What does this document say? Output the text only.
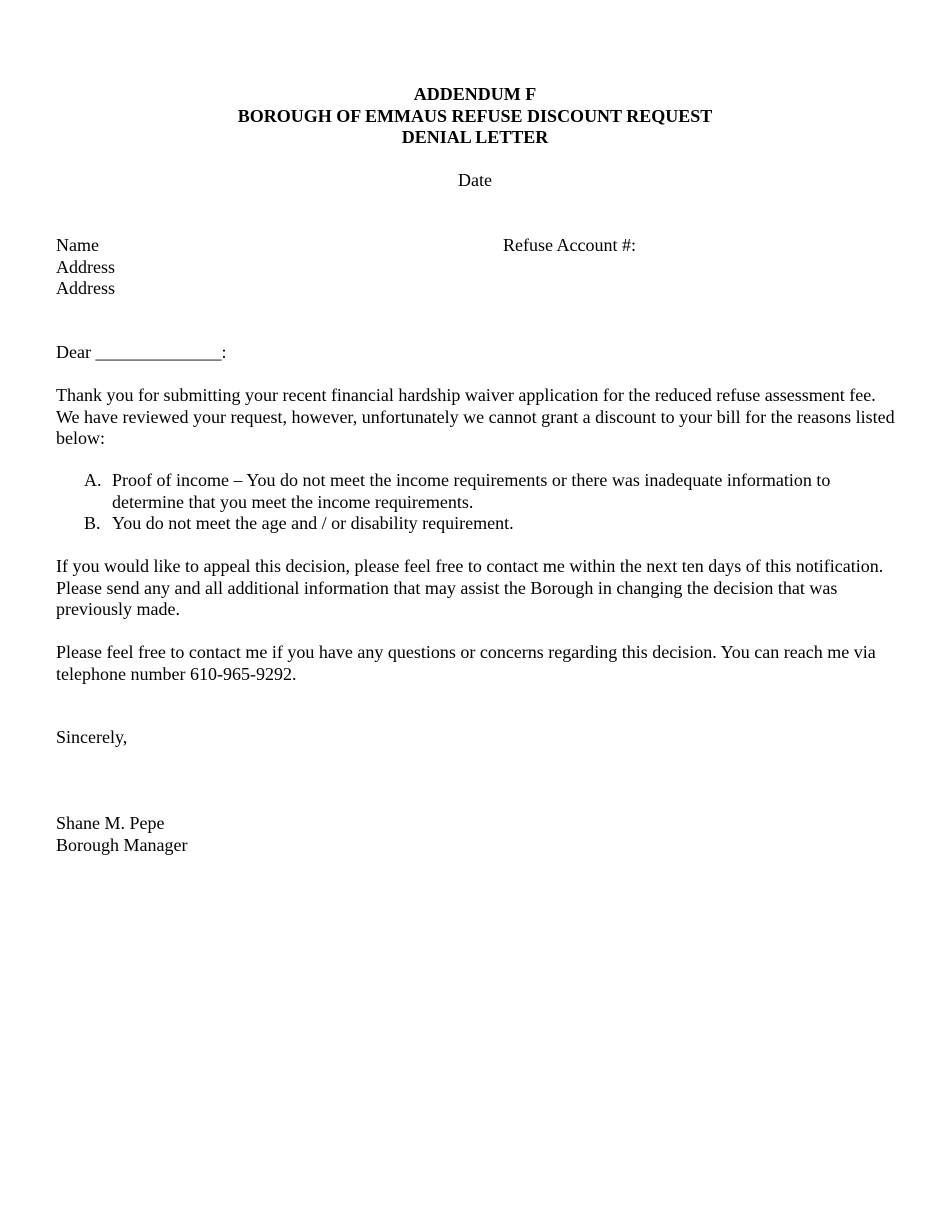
ADDENDUM F
BOROUGH OF EMMAUS REFUSE DISCOUNT REQUEST
DENIAL LETTER
Date
Name
Address
Address
Refuse Account #:
Dear ______________:
Thank you for submitting your recent financial hardship waiver application for the reduced refuse assessment fee. We have reviewed your request, however, unfortunately we cannot grant a discount to your bill for the reasons listed below:
A. Proof of income – You do not meet the income requirements or there was inadequate information to determine that you meet the income requirements.
B. You do not meet the age and / or disability requirement.
If you would like to appeal this decision, please feel free to contact me within the next ten days of this notification. Please send any and all additional information that may assist the Borough in changing the decision that was previously made.
Please feel free to contact me if you have any questions or concerns regarding this decision. You can reach me via telephone number 610-965-9292.
Sincerely,
Shane M. Pepe
Borough Manager
